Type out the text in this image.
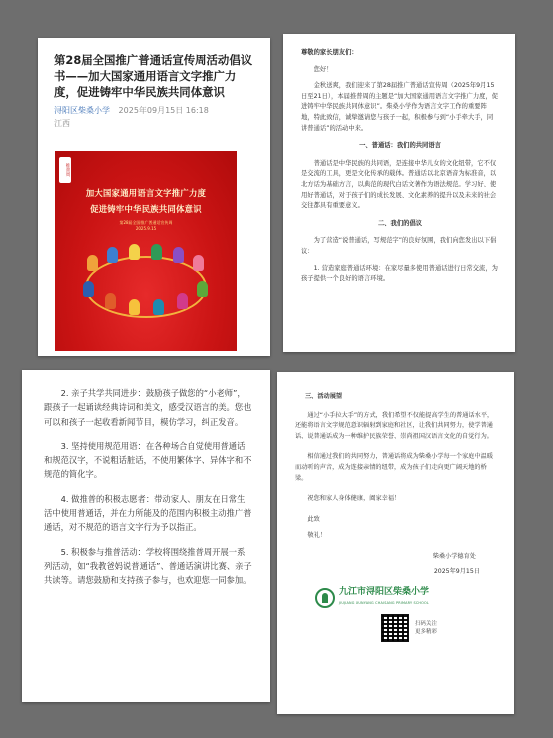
第28届全国推广普通话宣传周活动倡议书——加大国家通用语言文字推广力度，促进铸牢中华民族共同体意识
浔阳区柴桑小学 2025年09月15日 16:18
江西
推普周
加大国家通用语言文字推广力度
促进铸牢中华民族共同体意识
第28届全国推广普通话宣传周
2025.9.15

尊敬的家长朋友们：

您好！

金秋送爽，我们迎来了第28届推广普通话宣传周（2025年9月15日至21日），本届推普周的主题是“加大国家通用语言文字推广力度，促进铸牢中华民族共同体意识”。柴桑小学作为语言文字工作的重要阵地，特此致信，诚挚邀请您与孩子一起，积极参与到“小手牵大手，同讲普通话”的活动中来。

一、普通话：我们的共同语言

普通话是中华民族的共同语，是连接中华儿女的文化纽带，它不仅是交流的工具，更是文化传承的载体。普通话以北京语音为标准音，以北方话为基础方言，以典范的现代白话文著作为语法规范。学习好、使用好普通话，对于孩子们的成长发展、文化素养的提升以及未来的社会交往都具有重要意义。

二、我们的倡议

为了营造“说普通话，写规范字”的良好氛围，我们向您发出以下倡议：

1. 营造家庭普通话环境：在家尽量多使用普通话进行日常交流，为孩子提供一个良好的语言环境。

2. 亲子共学共同进步：鼓励孩子做您的“小老师”，跟孩子一起诵读经典诗词和美文，感受汉语言的美。您也可以和孩子一起收看新闻节目，模仿学习，纠正发音。

3. 坚持使用规范用语：在各种场合自觉使用普通话和规范汉字，不说粗话脏话，不使用繁体字、异体字和不规范的简化字。

4. 做推普的积极志愿者：带动家人、朋友在日常生活中使用普通话，并在力所能及的范围内积极主动推广普通话，对不规范的语言文字行为予以指正。

5. 积极参与推普活动：学校将围绕推普周开展一系列活动，如“我教爸妈说普通话”、普通话演讲比赛、亲子共读等。请您鼓励和支持孩子参与，也欢迎您一同参加。

三、活动展望

通过“小手拉大手”的方式，我们希望不仅能提高学生的普通话水平，还能将语言文字规范意识辐射到家庭和社区，让我们共同努力，使学普通话、说普通话成为一种维护民族荣誉、崇尚祖国汉语言文化的自觉行为。

相信通过我们的共同努力，普通话将成为柴桑小学每一个家庭中温暖而动听的声音，成为连接亲情的纽带，成为孩子们走向更广阔天地的桥梁。

祝您和家人身体健康，阖家幸福！

此致

敬礼！

柴桑小学德育处

2025年9月15日

九江市浔阳区柴桑小学
JIUJIANG XUNYANG CHAISANG PRIMARY SCHOOL
扫码关注
更多精彩
